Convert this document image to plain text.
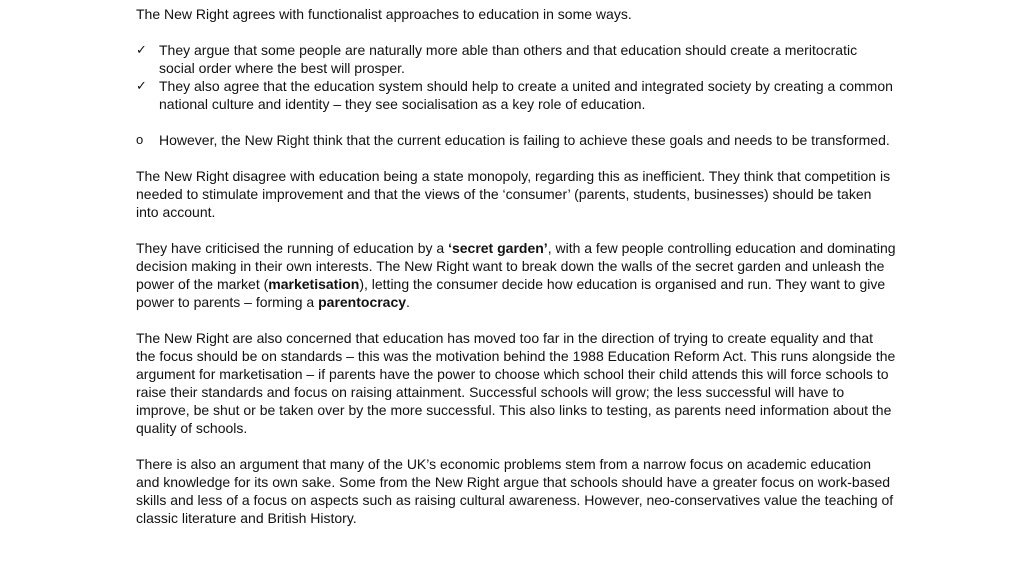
The New Right agrees with functionalist approaches to education in some ways.

✓ They argue that some people are naturally more able than others and that education should create a meritocratic social order where the best will prosper.
✓ They also agree that the education system should help to create a united and integrated society by creating a common national culture and identity – they see socialisation as a key role of education.
o	However, the New Right think that the current education is failing to achieve these goals and needs to be transformed.

The New Right disagree with education being a state monopoly, regarding this as inefficient. They think that competition is needed to stimulate improvement and that the views of the ‘consumer’ (parents, students, businesses) should be taken into account.

They have criticised the running of education by a ‘secret garden’, with a few people controlling education and dominating decision making in their own interests. The New Right want to break down the walls of the secret garden and unleash the power of the market (marketisation), letting the consumer decide how education is organised and run. They want to give power to parents – forming a parentocracy.

The New Right are also concerned that education has moved too far in the direction of trying to create equality and that the focus should be on standards – this was the motivation behind the 1988 Education Reform Act. This runs alongside the argument for marketisation – if parents have the power to choose which school their child attends this will force schools to raise their standards and focus on raising attainment. Successful schools will grow; the less successful will have to improve, be shut or be taken over by the more successful. This also links to testing, as parents need information about the quality of schools.

There is also an argument that many of the UK’s economic problems stem from a narrow focus on academic education and knowledge for its own sake. Some from the New Right argue that schools should have a greater focus on work-based skills and less of a focus on aspects such as raising cultural awareness. However, neo-conservatives value the teaching of classic literature and British History.
